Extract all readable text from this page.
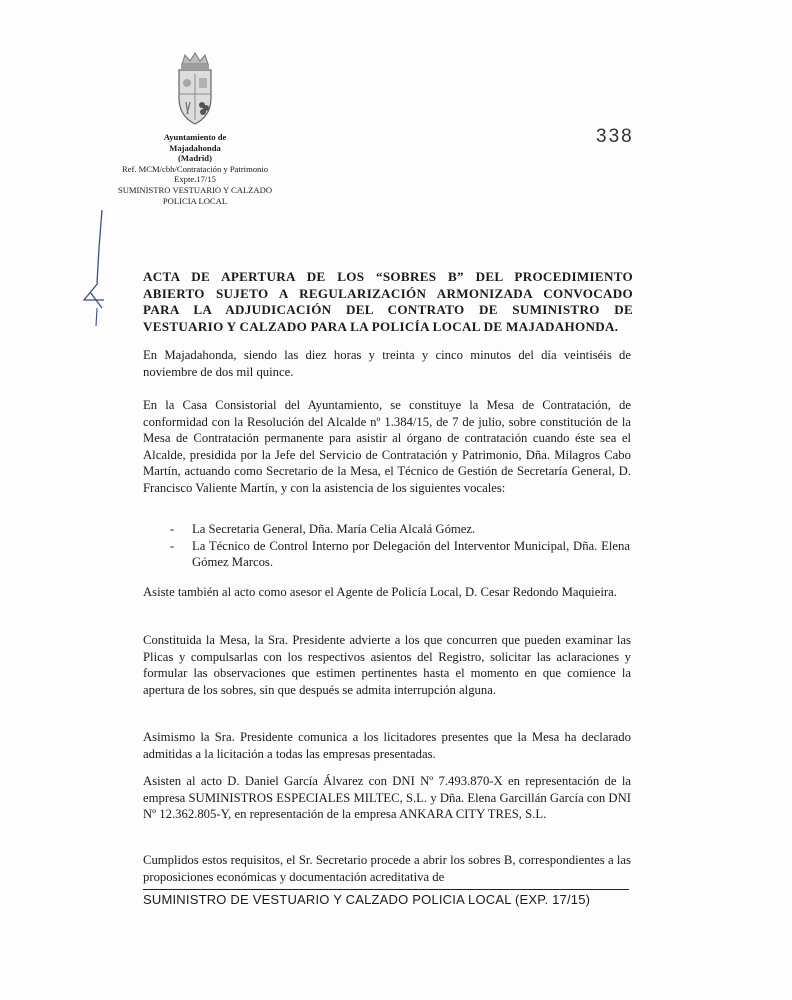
Ayuntamiento de
Majadahonda
(Madrid)
Ref. MCM/cbh/Contratación y Patrimonio
Expte.17/15
SUMINISTRO VESTUARIO Y CALZADO
POLICIA LOCAL
338
ACTA DE APERTURA DE LOS “SOBRES B” DEL PROCEDIMIENTO
ABIERTO SUJETO A REGULARIZACIÓN ARMONIZADA CONVOCADO
PARA LA ADJUDICACIÓN DEL CONTRATO DE SUMINISTRO DE
VESTUARIO Y CALZADO PARA LA POLICÍA LOCAL DE MAJADAHONDA.
En Majadahonda, siendo las diez horas y treinta y cinco minutos del día veintiséis de noviembre de dos mil quince.
En la Casa Consistorial del Ayuntamiento, se constituye la Mesa de Contratación, de conformidad con la Resolución del Alcalde nº 1.384/15, de 7 de julio, sobre constitución de la Mesa de Contratación permanente para asistir al órgano de contratación cuando éste sea el Alcalde, presidida por la Jefe del Servicio de Contratación y Patrimonio, Dña. Milagros Cabo Martín, actuando como Secretario de la Mesa, el Técnico de Gestión de Secretaría General, D. Francisco Valiente Martín, y con la asistencia de los siguientes vocales:
- La Secretaria General, Dña. María Celia Alcalá Gómez.
- La Técnico de Control Interno por Delegación del Interventor Municipal, Dña. Elena Gómez Marcos.
Asiste también al acto como asesor el Agente de Policía Local, D. Cesar Redondo Maquieira.
Constituida la Mesa, la Sra. Presidente advierte a los que concurren que pueden examinar las Plicas y compulsarlas con los respectivos asientos del Registro, solicitar las aclaraciones y formular las observaciones que estimen pertinentes hasta el momento en que comience la apertura de los sobres, sin que después se admita interrupción alguna.
Asimismo la Sra. Presidente comunica a los licitadores presentes que la Mesa ha declarado admitidas a la licitación a todas las empresas presentadas.
Asisten al acto D. Daniel García Álvarez con DNI Nº 7.493.870-X en representación de la empresa SUMINISTROS ESPECIALES MILTEC, S.L. y Dña. Elena Garcillán García con DNI Nº 12.362.805-Y, en representación de la empresa ANKARA CITY TRES, S.L.
Cumplidos estos requisitos, el Sr. Secretario procede a abrir los sobres B, correspondientes a las proposiciones económicas y documentación acreditativa de
SUMINISTRO DE VESTUARIO Y CALZADO POLICIA LOCAL (EXP. 17/15)
